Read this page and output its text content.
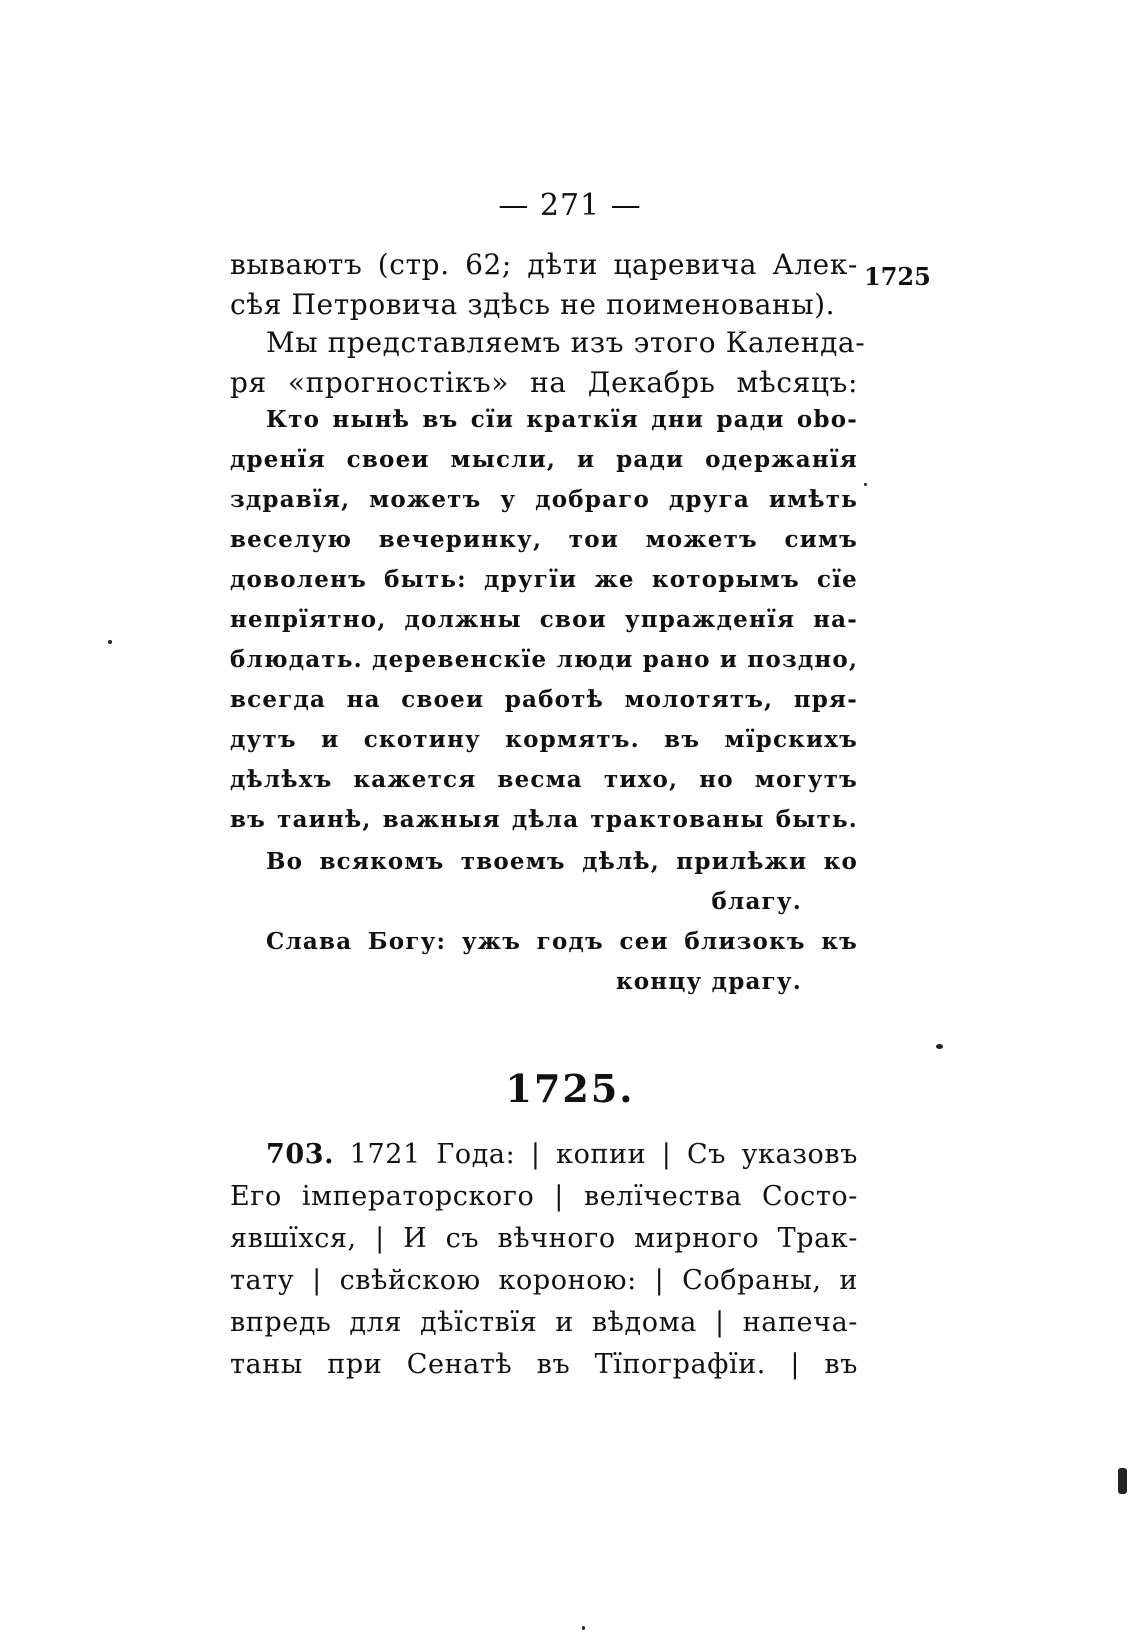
— 271 —
1725
вываютъ (стр. 62; дѣти царевича Алек-
сѣя Петровича здѣсь не поименованы).
Мы представляемъ изъ этого Календа-
ря «прогностікъ» на Декабрь мѣсяцъ:
Кто нынѣ въ сїи краткїя дни ради obo-
дренїя своеи мысли, и ради одержанїя
здравїя, можетъ у добраго друга имѣть
веселую вечеринку, тои можетъ симъ
доволенъ быть: другїи же которымъ сїе
непрїятно, должны свои упражденїя на-
блюдать. деревенскїе люди рано и поздно,
всегда на своеи работѣ молотятъ, пря-
дутъ и скотину кормятъ. въ мїрскихъ
дѣлѣхъ кажется весма тихо, но могутъ
въ таинѣ, важныя дѣла трактованы быть.
Во всякомъ твоемъ дѣлѣ, прилѣжи ко
благу.
Слава Богу: ужъ годъ сеи близокъ къ
концу драгу.
1725.
703. 1721 Года: | копии | Съ указовъ
Его імператорского | велїчества Состо-
явшїхся, | И съ вѣчного мирного Трак-
тату | свѣйскою короною: | Собраны, и
впредь для дѣїствїя и вѣдома | напеча-
таны при Сенатѣ въ Тїпографїи. | въ
